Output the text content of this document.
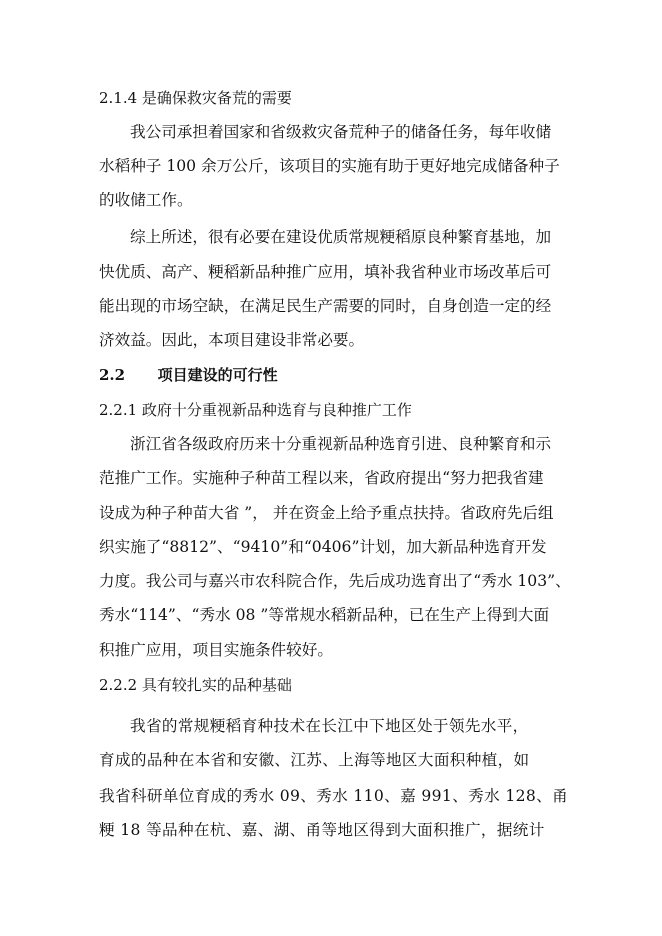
2.1.4 是确保救灾备荒的需要
我公司承担着国家和省级救灾备荒种子的储备任务，每年收储
水稻种子 100 余万公斤，该项目的实施有助于更好地完成储备种子
的收储工作。
综上所述，很有必要在建设优质常规粳稻原良种繁育基地，加
快优质、高产、粳稻新品种推广应用，填补我省种业市场改革后可
能出现的市场空缺，在满足民生产需要的同时，自身创造一定的经
济效益。因此，本项目建设非常必要。
2.2 项目建设的可行性
2.2.1 政府十分重视新品种选育与良种推广工作
浙江省各级政府历来十分重视新品种选育引进、良种繁育和示
范推广工作。实施种子种苗工程以来，省政府提出“努力把我省建
设成为种子种苗大省 ”， 并在资金上给予重点扶持。省政府先后组
织实施了“8812”、“9410”和“0406”计划，加大新品种选育开发
力度。我公司与嘉兴市农科院合作，先后成功选育出了“秀水 103”、
秀水“114”、“秀水 08 ”等常规水稻新品种，已在生产上得到大面
积推广应用，项目实施条件较好。
2.2.2 具有较扎实的品种基础
我省的常规粳稻育种技术在长江中下地区处于领先水平，
育成的品种在本省和安徽、江苏、上海等地区大面积种植，如
我省科研单位育成的秀水 09、秀水 110、嘉 991、秀水 128、甬
粳 18 等品种在杭、嘉、湖、甬等地区得到大面积推广，据统计
